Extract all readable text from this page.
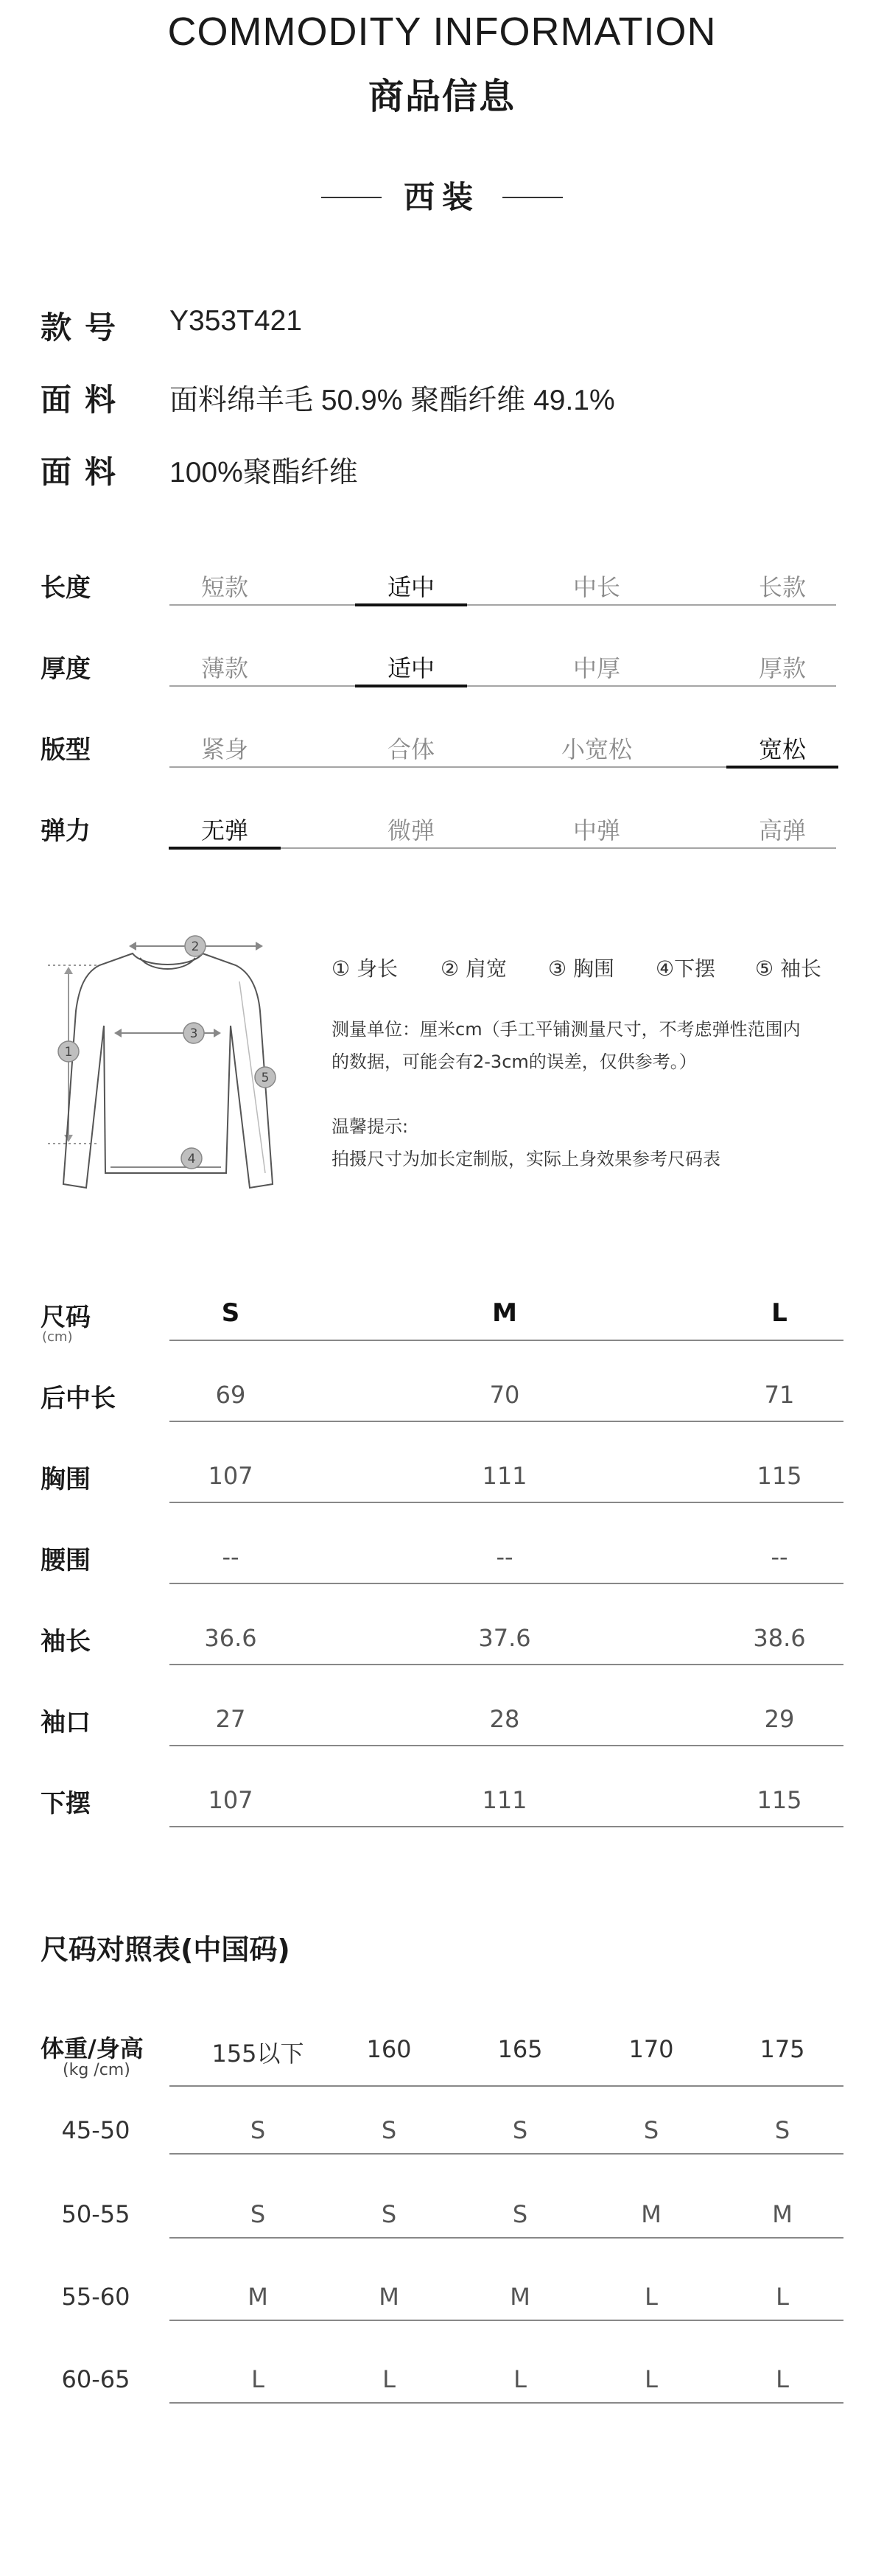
COMMODITY INFORMATION
商品信息
西装
款号 Y353T421
面料 面料绵羊毛 50.9% 聚酯纤维 49.1%
面料 100%聚酯纤维
长度	短款	适中	中长	长款
厚度	薄款	适中	中厚	厚款
版型	紧身	合体	小宽松	宽松
弹力	无弹	微弹	中弹	高弹
1
2
3
4
5
① 身长 ② 肩宽 ③ 胸围 ④下摆 ⑤ 袖长
测量单位：厘米cm（手工平铺测量尺寸，不考虑弹性范围内
的数据，可能会有2-3cm的误差，仅供参考。）
温馨提示:
拍摄尺寸为加长定制版，实际上身效果参考尺码表
尺码
(cm)
S	M	L
后中长	69	70	71
胸围	107	111	115
腰围	--	--	--
袖长	36.6	37.6	38.6
袖口	27	28	29
下摆	107	111	115
尺码对照表(中国码)
体重/身高
(kg /cm)
155以下	160	165	170	175
45-50	S	S	S	S	S
50-55	S	S	S	M	M
55-60	M	M	M	L	L
60-65	L	L	L	L	L
